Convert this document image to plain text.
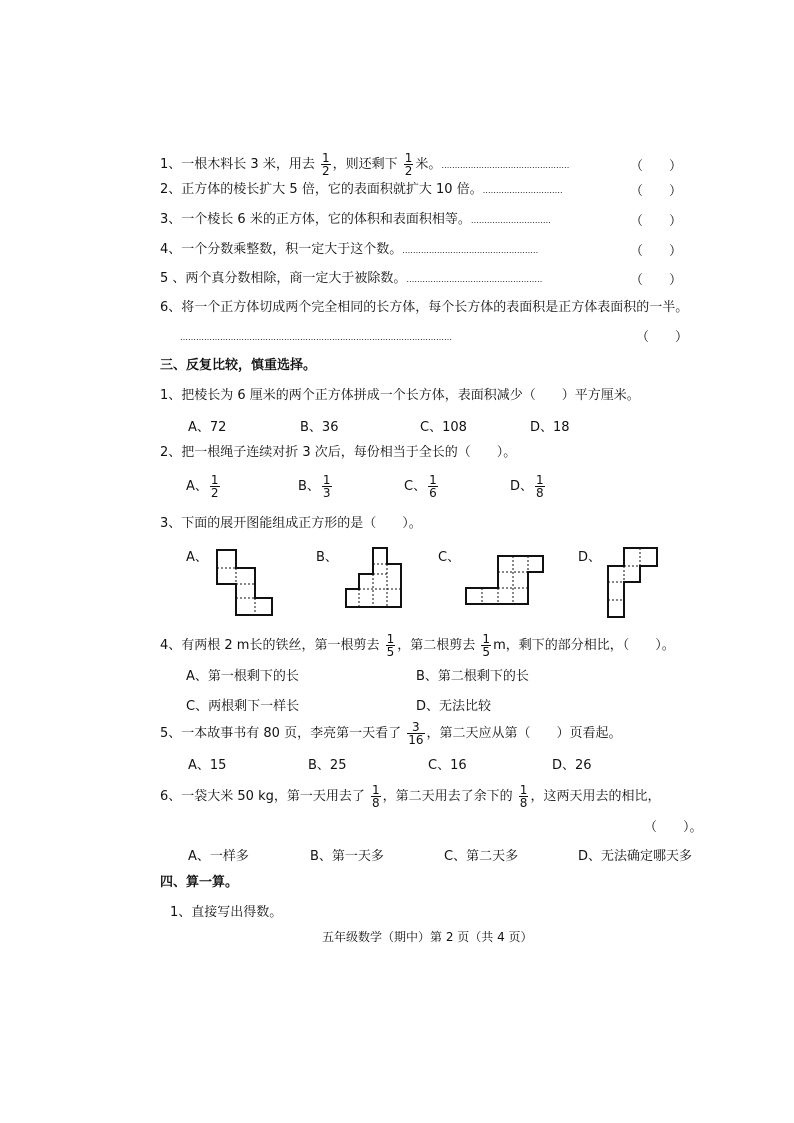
1、一根木料长 3 米，用去 $\frac{1}{2}$ ，则还剩下 $\frac{1}{2}$ 米。…………………………………………	（　　）
2、正方体的棱长扩大 5 倍，它的表面积就扩大 10 倍。…………………………	（　　）
3、一个棱长 6 米的正方体，它的体积和表面积相等。…………………………	（　　）
4、一个分数乘整数，积一定大于这个数。……………………………………………	（　　）
5 、两个真分数相除，商一定大于被除数。……………………………………………	（　　）
6、将一个正方体切成两个完全相同的长方体，每个长方体的表面积是正方体表面积的一半。
…………………………………………………………………………………………	（　　）
三、反复比较，慎重选择。
1、把棱长为 6 厘米的两个正方体拼成一个长方体，表面积减少（　　）平方厘米。
A、72	B、36	C、108	D、18
2、把一根绳子连续对折 3 次后，每份相当于全长的（　　）。
A、 $\frac{1}{2}$	B、 $\frac{1}{3}$	C、 $\frac{1}{6}$	D、 $\frac{1}{8}$
3、下面的展开图能组成正方形的是（　　）。
A、	B、	C、	D、
4、有两根 2 m长的铁丝，第一根剪去 $\frac{1}{5}$ ，第二根剪去 $\frac{1}{5}$ m，剩下的部分相比，（　　）。
A、第一根剩下的长	B、第二根剩下的长
C、两根剩下一样长	D、无法比较
5、一本故事书有 80 页，李亮第一天看了 $\frac{3}{16}$ ，第二天应从第（　　）页看起。
A、15	B、25	C、16	D、26
6、一袋大米 50 kg，第一天用去了 $\frac{1}{8}$ ，第二天用去了余下的 $\frac{1}{8}$ ，这两天用去的相比，
（　　）。
A、一样多	B、第一天多	C、第二天多	D、无法确定哪天多
四、算一算。
1、直接写出得数。
五年级数学（期中）第 2 页（共 4 页）
